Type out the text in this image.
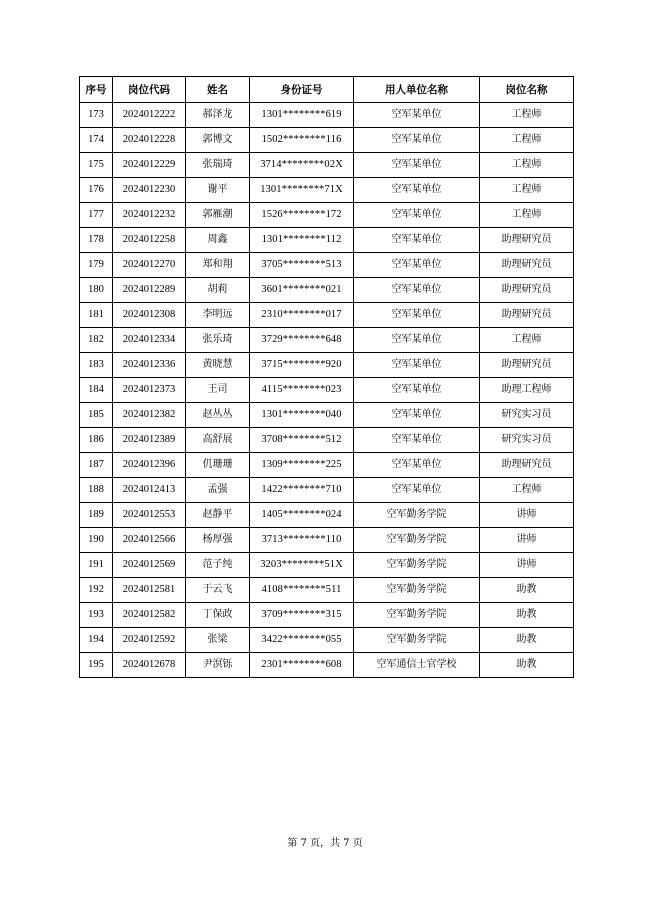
序号	岗位代码	姓名	身份证号	用人单位名称	岗位名称
173	2024012222	郝泽龙	1301********619	空军某单位	工程师
174	2024012228	郭博文	1502********116	空军某单位	工程师
175	2024012229	张瑞琦	3714********02X	空军某单位	工程师
176	2024012230	谢平	1301********71X	空军某单位	工程师
177	2024012232	郭雁潮	1526********172	空军某单位	工程师
178	2024012258	周鑫	1301********112	空军某单位	助理研究员
179	2024012270	郑和翔	3705********513	空军某单位	助理研究员
180	2024012289	胡莉	3601********021	空军某单位	助理研究员
181	2024012308	李明远	2310********017	空军某单位	助理研究员
182	2024012334	张乐琦	3729********648	空军某单位	工程师
183	2024012336	黄晓慧	3715********920	空军某单位	助理研究员
184	2024012373	王司	4115********023	空军某单位	助理工程师
185	2024012382	赵丛丛	1301********040	空军某单位	研究实习员
186	2024012389	高舒展	3708********512	空军某单位	研究实习员
187	2024012396	仉珊珊	1309********225	空军某单位	助理研究员
188	2024012413	孟强	1422********710	空军某单位	工程师
189	2024012553	赵静平	1405********024	空军勤务学院	讲师
190	2024012566	杨厚强	3713********110	空军勤务学院	讲师
191	2024012569	范子纯	3203********51X	空军勤务学院	讲师
192	2024012581	于云飞	4108********511	空军勤务学院	助教
193	2024012582	丁保政	3709********315	空军勤务学院	助教
194	2024012592	张梁	3422********055	空军勤务学院	助教
195	2024012678	尹溟铄	2301********608	空军通信士官学校	助教
第 7 页，共 7 页
